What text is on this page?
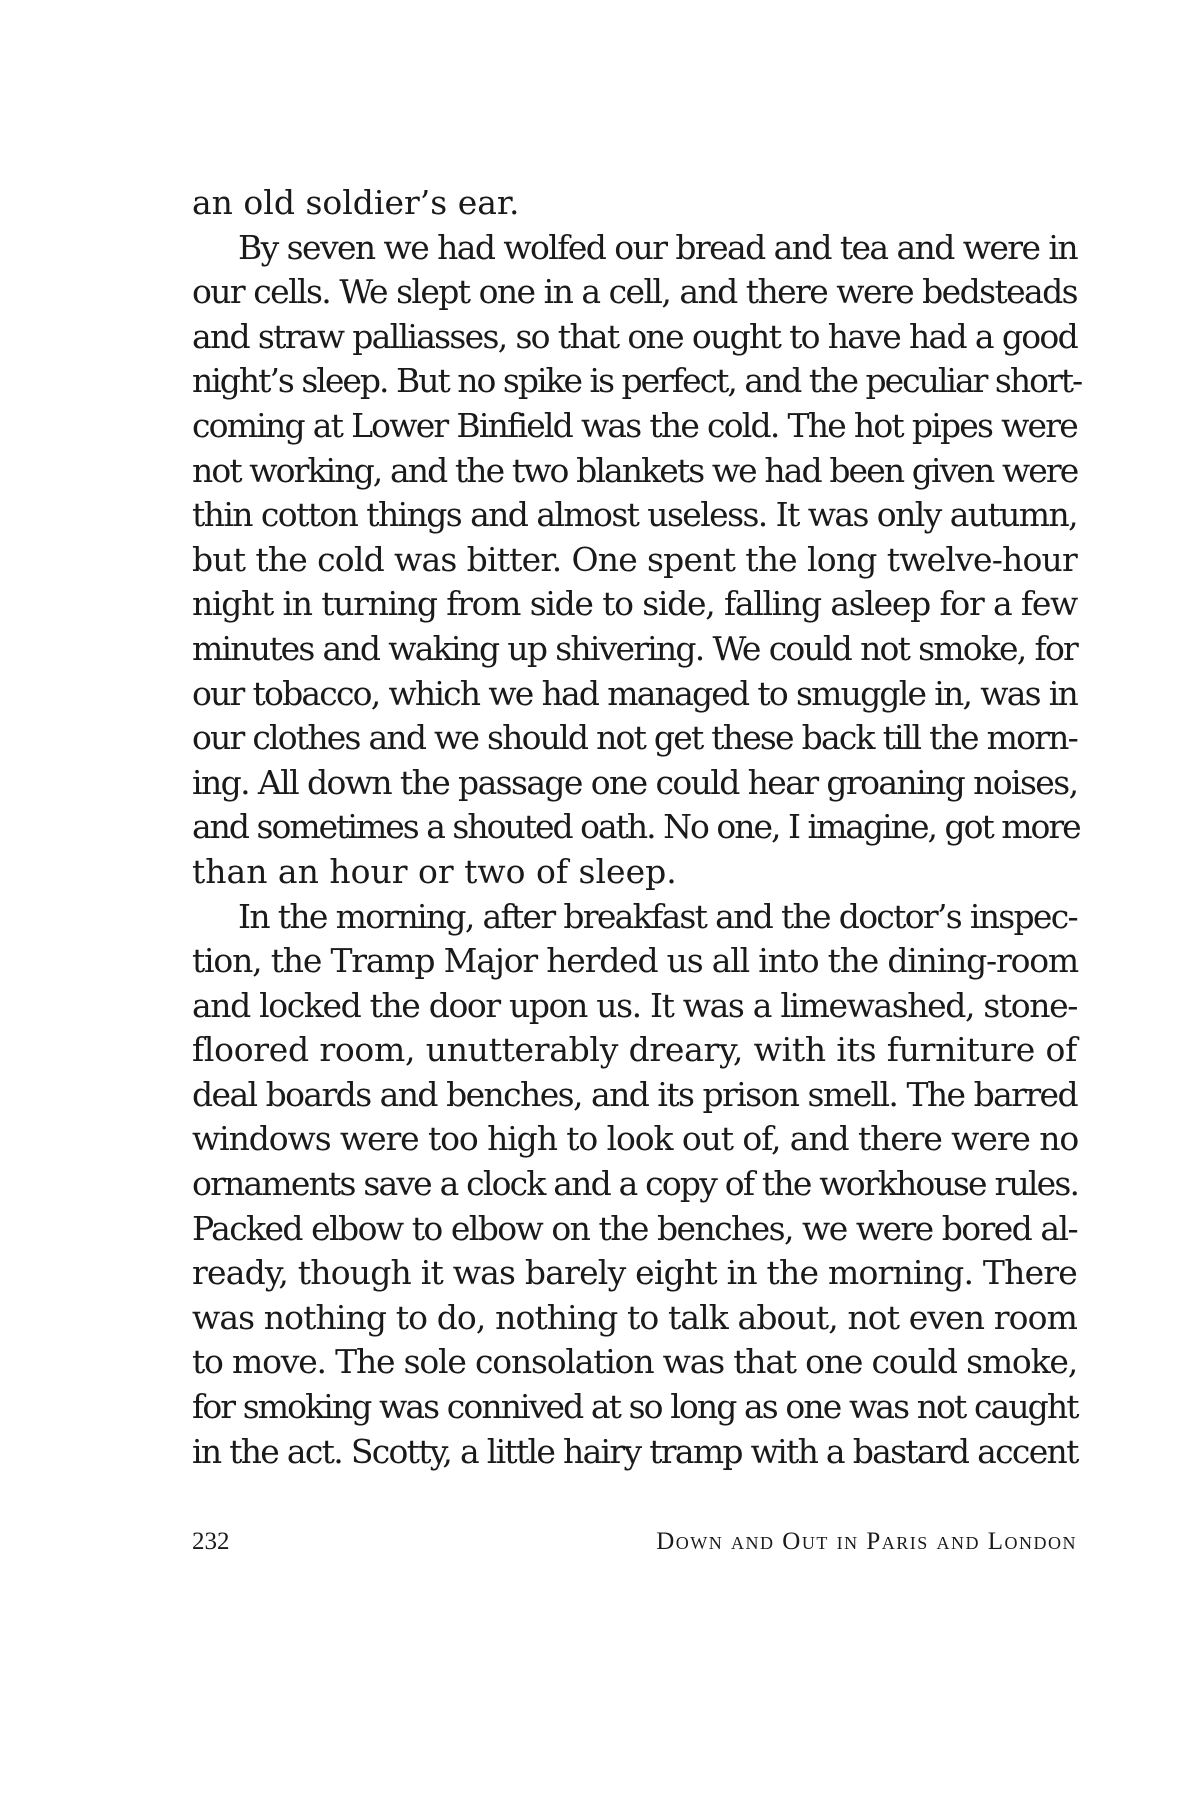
an old soldier’s ear.
By seven we had wolfed our bread and tea and were in
our cells. We slept one in a cell, and there were bedsteads
and straw palliasses, so that one ought to have had a good
night’s sleep. But no spike is perfect, and the peculiar short-
coming at Lower Binfield was the cold. The hot pipes were
not working, and the two blankets we had been given were
thin cotton things and almost useless. It was only autumn,
but the cold was bitter. One spent the long twelve-hour
night in turning from side to side, falling asleep for a few
minutes and waking up shivering. We could not smoke, for
our tobacco, which we had managed to smuggle in, was in
our clothes and we should not get these back till the morn-
ing. All down the passage one could hear groaning noises,
and sometimes a shouted oath. No one, I imagine, got more
than an hour or two of sleep.
In the morning, after breakfast and the doctor’s inspec-
tion, the Tramp Major herded us all into the dining-room
and locked the door upon us. It was a limewashed, stone-
floored room, unutterably dreary, with its furniture of
deal boards and benches, and its prison smell. The barred
windows were too high to look out of, and there were no
ornaments save a clock and a copy of the workhouse rules.
Packed elbow to elbow on the benches, we were bored al-
ready, though it was barely eight in the morning. There
was nothing to do, nothing to talk about, not even room
to move. The sole consolation was that one could smoke,
for smoking was connived at so long as one was not caught
in the act. Scotty, a little hairy tramp with a bastard accent
232	Down and Out in Paris and London
